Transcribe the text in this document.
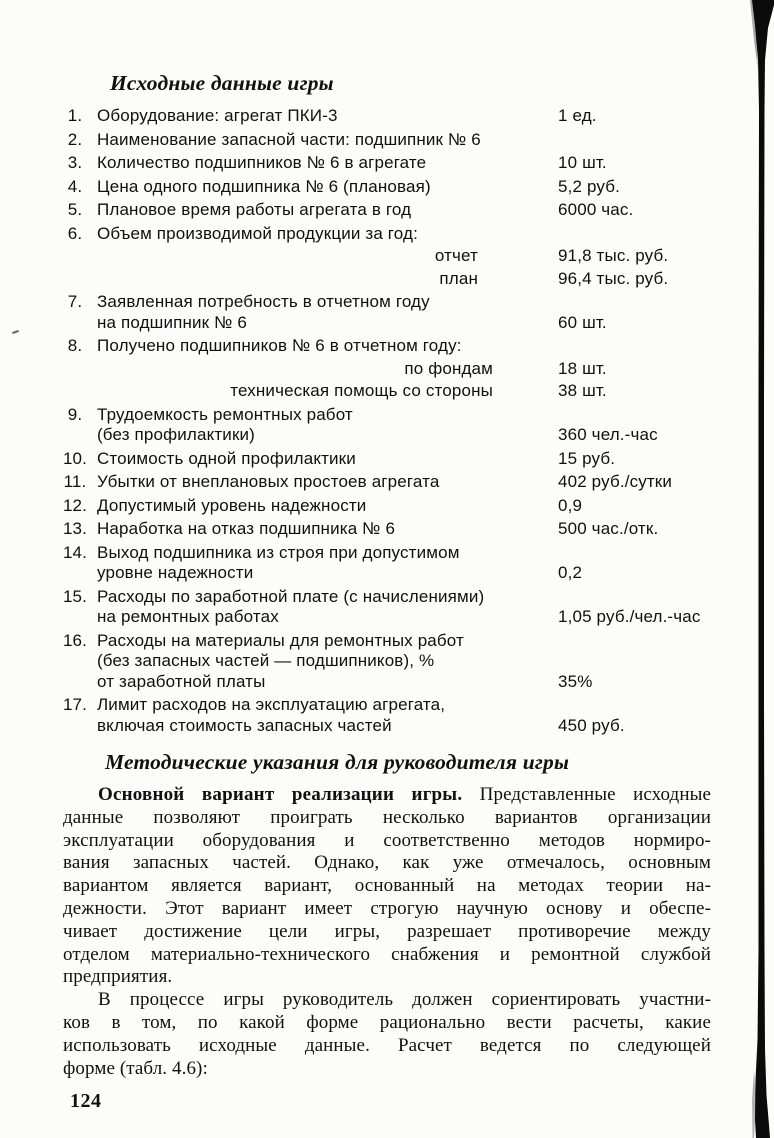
Исходные данные игры
1. Оборудование: агрегат ПКИ-3	1 ед.
2. Наименование запасной части: подшипник № 6
3. Количество подшипников № 6 в агрегате	10 шт.
4. Цена одного подшипника № 6 (плановая)	5,2 руб.
5. Плановое время работы агрегата в год	6000 час.
6. Объем производимой продукции за год:
отчет	91,8 тыс. руб.
план	96,4 тыс. руб.
7. Заявленная потребность в отчетном году
на подшипник № 6	60 шт.
8. Получено подшипников № 6 в отчетном году:
по фондам	18 шт.
техническая помощь со стороны	38 шт.
9. Трудоемкость ремонтных работ
(без профилактики)	360 чел.-час
10. Стоимость одной профилактики	15 руб.
11. Убытки от внеплановых простоев агрегата	402 руб./сутки
12. Допустимый уровень надежности	0,9
13. Наработка на отказ подшипника № 6	500 час./отк.
14. Выход подшипника из строя при допустимом
уровне надежности	0,2
15. Расходы по заработной плате (с начислениями)
на ремонтных работах	1,05 руб./чел.-час
16. Расходы на материалы для ремонтных работ
(без запасных частей — подшипников), %
от заработной платы	35%
17. Лимит расходов на эксплуатацию агрегата,
включая стоимость запасных частей	450 руб.
Методические указания для руководителя игры
Основной вариант реализации игры. Представленные исходные
данные позволяют проиграть несколько вариантов организации
эксплуатации оборудования и соответственно методов нормиро-
вания запасных частей. Однако, как уже отмечалось, основным
вариантом является вариант, основанный на методах теории на-
дежности. Этот вариант имеет строгую научную основу и обеспе-
чивает достижение цели игры, разрешает противоречие между
отделом материально-технического снабжения и ремонтной службой
предприятия.
В процессе игры руководитель должен сориентировать участни-
ков в том, по какой форме рационально вести расчеты, какие
использовать исходные данные. Расчет ведется по следующей
форме (табл. 4.6):
124
